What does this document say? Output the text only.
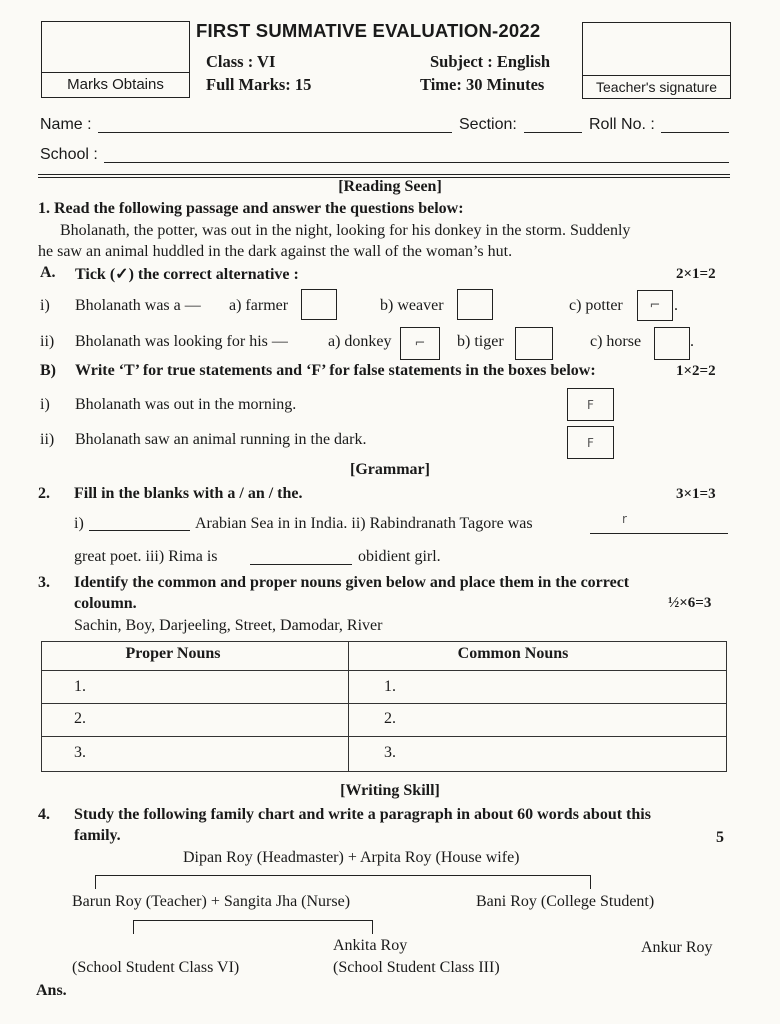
Marks Obtains
FIRST SUMMATIVE EVALUATION-2022
Class : VI	Subject : English
Full Marks: 15	Time: 30 Minutes	Teacher's signature
Name :	Section:	Roll No. :
School :
[Reading Seen]
1. Read the following passage and answer the questions below:
Bholanath, the potter, was out in the night, looking for his donkey in the storm. Suddenly
he saw an animal huddled in the dark against the wall of the woman’s hut.
A. Tick (✓) the correct alternative :	2×1=2
i) Bholanath was a — a) farmer	b) weaver	c) potter	⌐ .
ii) Bholanath was looking for his —	a) donkey	⌐	b) tiger	c) horse	.
B) Write ‘T’ for true statements and ‘F’ for false statements in the boxes below:	1×2=2
i) Bholanath was out in the morning.	F
ii) Bholanath saw an animal running in the dark.	F
[Grammar]
2. Fill in the blanks with a / an / the.	3×1=3
i)	Arabian Sea in in India. ii) Rabindranath Tagore was	r
great poet. iii) Rima is	obidient girl.
3. Identify the common and proper nouns given below and place them in the correct
coloumn.	½×6=3
Sachin, Boy, Darjeeling, Street, Damodar, River
Proper Nouns	Common Nouns
1.	1.
2.	2.
3.	3.
[Writing Skill]
4. Study the following family chart and write a paragraph in about 60 words about this
family.	5
Dipan Roy (Headmaster) + Arpita Roy (House wife)
Barun Roy (Teacher) + Sangita Jha (Nurse)	Bani Roy (College Student)
Ankita Roy	Ankur Roy
(School Student Class VI)	(School Student Class III)
Ans.
